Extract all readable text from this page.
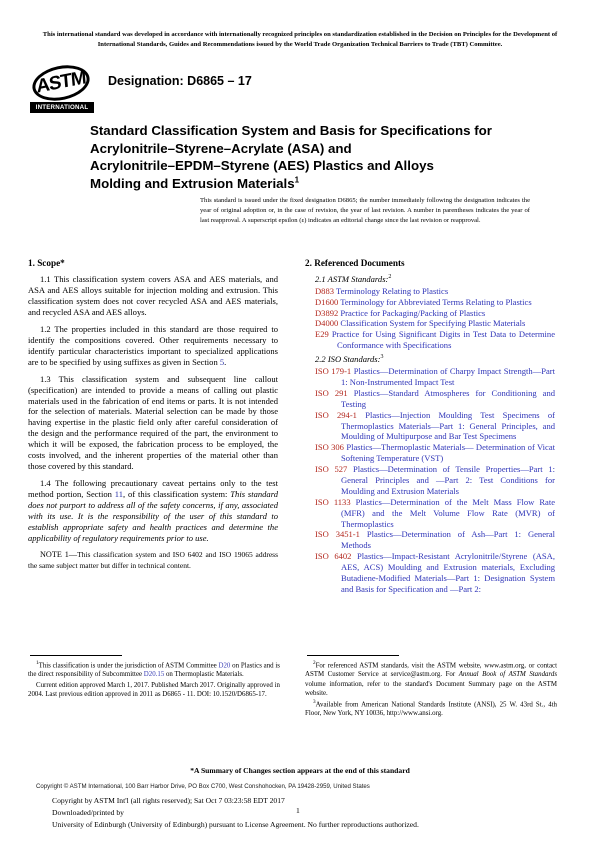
This international standard was developed in accordance with internationally recognized principles on standardization established in the Decision on Principles for the Development of International Standards, Guides and Recommendations issued by the World Trade Organization Technical Barriers to Trade (TBT) Committee.
ASTM
INTERNATIONAL
Designation: D6865 – 17
Standard Classification System and Basis for Specifications for
Acrylonitrile–Styrene–Acrylate (ASA) and
Acrylonitrile–EPDM–Styrene (AES) Plastics and Alloys
Molding and Extrusion Materials$^1$
This standard is issued under the fixed designation D6865; the number immediately following the designation indicates the year of original adoption or, in the case of revision, the year of last revision. A number in parentheses indicates the year of last reapproval. A superscript epsilon (ε) indicates an editorial change since the last revision or reapproval.
1. Scope*

1.1 This classification system covers ASA and AES materials, and ASA and AES alloys suitable for injection molding and extrusion. This classification system does not cover recycled ASA and AES materials, and recycled ASA and AES alloys.

1.2 The properties included in this standard are those required to identify the compositions covered. Other requirements necessary to identify particular characteristics important to specialized applications are to be specified by using suffixes as given in Section 5.

1.3 This classification system and subsequent line callout (specification) are intended to provide a means of calling out plastic materials used in the fabrication of end items or parts. It is not intended for the selection of materials. Material selection can be made by those having expertise in the plastic field only after careful consideration of the design and the performance required of the part, the environment to which it will be exposed, the fabrication process to be employed, the costs involved, and the inherent properties of the material other than those covered by this standard.

1.4 The following precautionary caveat pertains only to the test method portion, Section 11, of this classification system: This standard does not purport to address all of the safety concerns, if any, associated with its use. It is the responsibility of the user of this standard to establish appropriate safety and health practices and determine the applicability of regulatory requirements prior to use.

NOTE 1—This classification system and ISO 6402 and ISO 19065 address the same subject matter but differ in technical content.

2. Referenced Documents
2.1 ASTM Standards:$^2$
D883 Terminology Relating to Plastics
D1600 Terminology for Abbreviated Terms Relating to Plastics
D3892 Practice for Packaging/Packing of Plastics
D4000 Classification System for Specifying Plastic Materials
E29 Practice for Using Significant Digits in Test Data to Determine Conformance with Specifications
2.2 ISO Standards:$^3$
ISO 179-1 Plastics—Determination of Charpy Impact Strength—Part 1: Non-Instrumented Impact Test
ISO 291 Plastics—Standard Atmospheres for Conditioning and Testing
ISO 294-1 Plastics—Injection Moulding Test Specimens of Thermoplastics Materials—Part 1: General Principles, and Moulding of Multipurpose and Bar Test Specimens
ISO 306 Plastics—Thermoplastic Materials— Determination of Vicat Softening Temperature (VST)
ISO 527 Plastics—Determination of Tensile Properties—Part 1: General Principles and —Part 2: Test Conditions for Moulding and Extrusion Materials
ISO 1133 Plastics—Determination of the Melt Mass Flow Rate (MFR) and the Melt Volume Flow Rate (MVR) of Thermoplastics
ISO 3451-1 Plastics—Determination of Ash—Part 1: General Methods
ISO 6402 Plastics—Impact-Resistant Acrylonitrile/Styrene (ASA, AES, ACS) Moulding and Extrusion materials, Excluding Butadiene-Modified Materials—Part 1: Designation System and Basis for Specification and —Part 2:

$^1$This classification is under the jurisdiction of ASTM Committee D20 on Plastics and is the direct responsibility of Subcommittee D20.15 on Thermoplastic Materials.

Current edition approved March 1, 2017. Published March 2017. Originally approved in 2004. Last previous edition approved in 2011 as D6865 - 11. DOI: 10.1520/D6865-17.

$^2$For referenced ASTM standards, visit the ASTM website, www.astm.org, or contact ASTM Customer Service at service@astm.org. For Annual Book of ASTM Standards volume information, refer to the standard's Document Summary page on the ASTM website.

$^3$Available from American National Standards Institute (ANSI), 25 W. 43rd St., 4th Floor, New York, NY 10036, http://www.ansi.org.

*A Summary of Changes section appears at the end of this standard
Copyright © ASTM International, 100 Barr Harbor Drive, PO Box C700, West Conshohocken, PA 19428-2959, United States
Copyright by ASTM Int'l (all rights reserved); Sat Oct 7 03:23:58 EDT 2017
Downloaded/printed by
University of Edinburgh (University of Edinburgh) pursuant to License Agreement. No further reproductions authorized.
1
